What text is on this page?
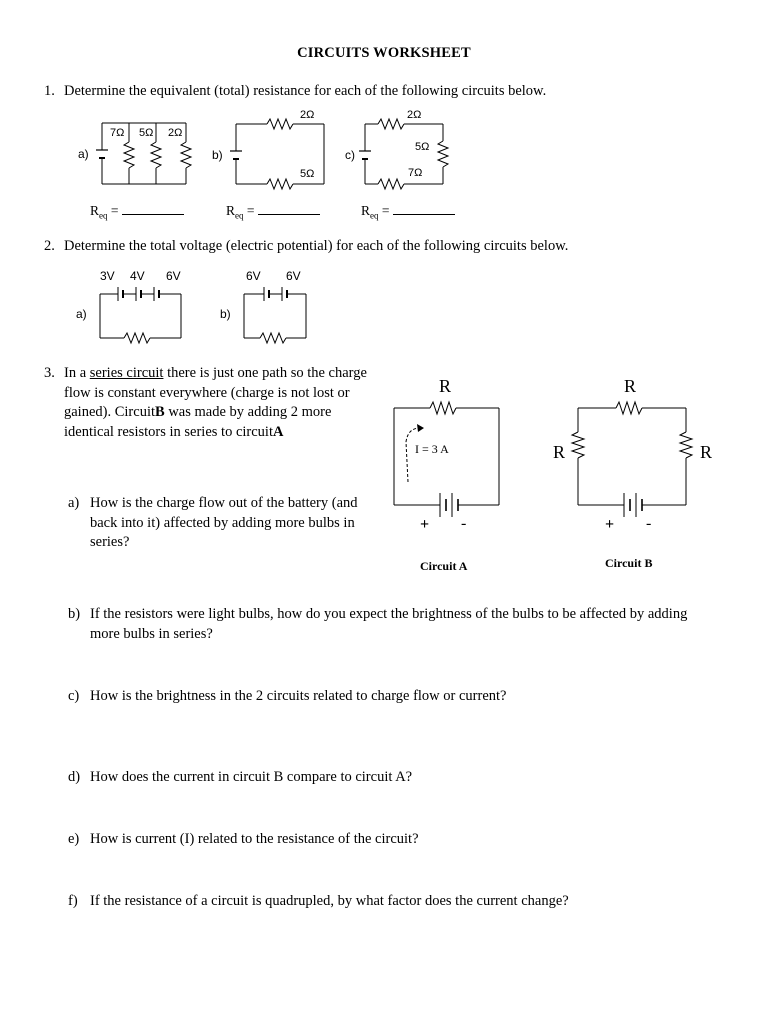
CIRCUITS WORKSHEET
1. Determine the equivalent (total) resistance for each of the following circuits below.
a)
7Ω 5Ω 2Ω
b)
2Ω
5Ω
c)
2Ω
5Ω
7Ω
$R_{eq}$ =	$R_{eq}$ =	$R_{eq}$ =
2. Determine the total voltage (electric potential) for each of the following circuits below.
3V 4V 6V
a)
6V 6V
b)
3. In a series circuit there is just one path so the charge
flow is constant everywhere (charge is not lost or
gained). CircuitB was made by adding 2 more
identical resistors in series to circuitA
R
I = 3 A
+ -
Circuit A
R
R	R
+ -
Circuit B
a) How is the charge flow out of the battery (and
back into it) affected by adding more bulbs in
series?
b) If the resistors were light bulbs, how do you expect the brightness of the bulbs to be affected by adding
more bulbs in series?
c) How is the brightness in the 2 circuits related to charge flow or current?
d) How does the current in circuit B compare to circuit A?
e) How is current (I) related to the resistance of the circuit?
f) If the resistance of a circuit is quadrupled, by what factor does the current change?
